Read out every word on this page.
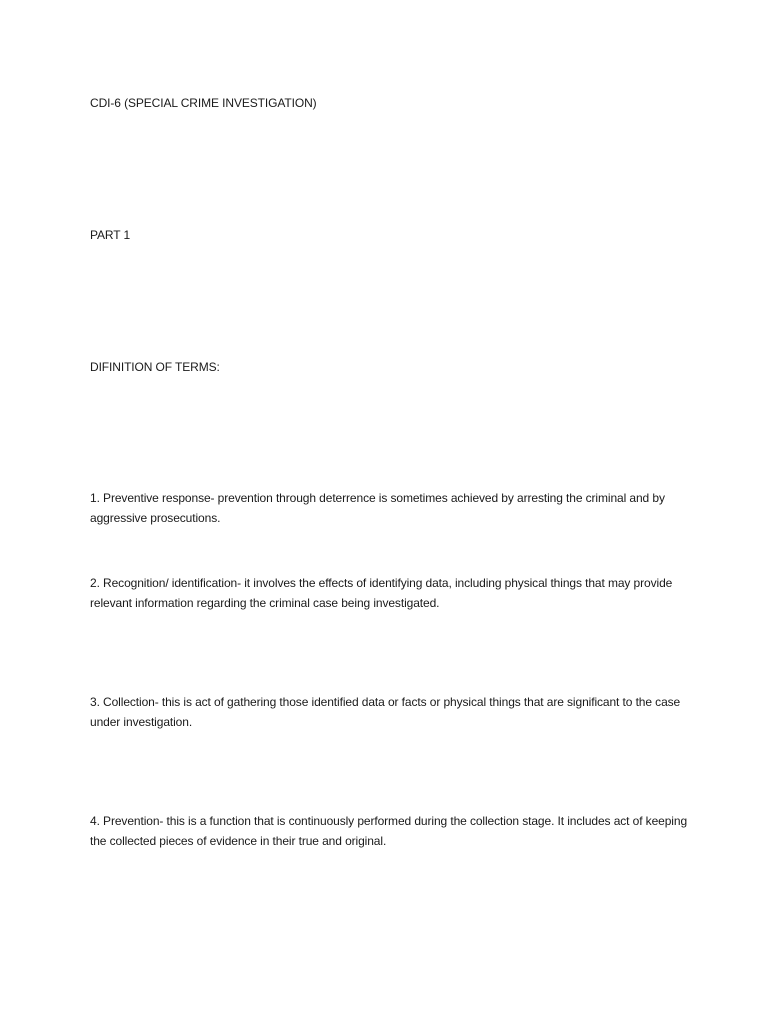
CDI-6 (SPECIAL CRIME INVESTIGATION)

PART 1

DIFINITION OF TERMS:

1. Preventive response- prevention through deterrence is sometimes achieved by arresting the criminal and by aggressive prosecutions.

2. Recognition/ identification- it involves the effects of identifying data, including physical things that may provide relevant information regarding the criminal case being investigated.

3. Collection- this is act of gathering those identified data or facts or physical things that are significant to the case under investigation.

4. Prevention- this is a function that is continuously performed during the collection stage. It includes act of keeping the collected pieces of evidence in their true and original.
